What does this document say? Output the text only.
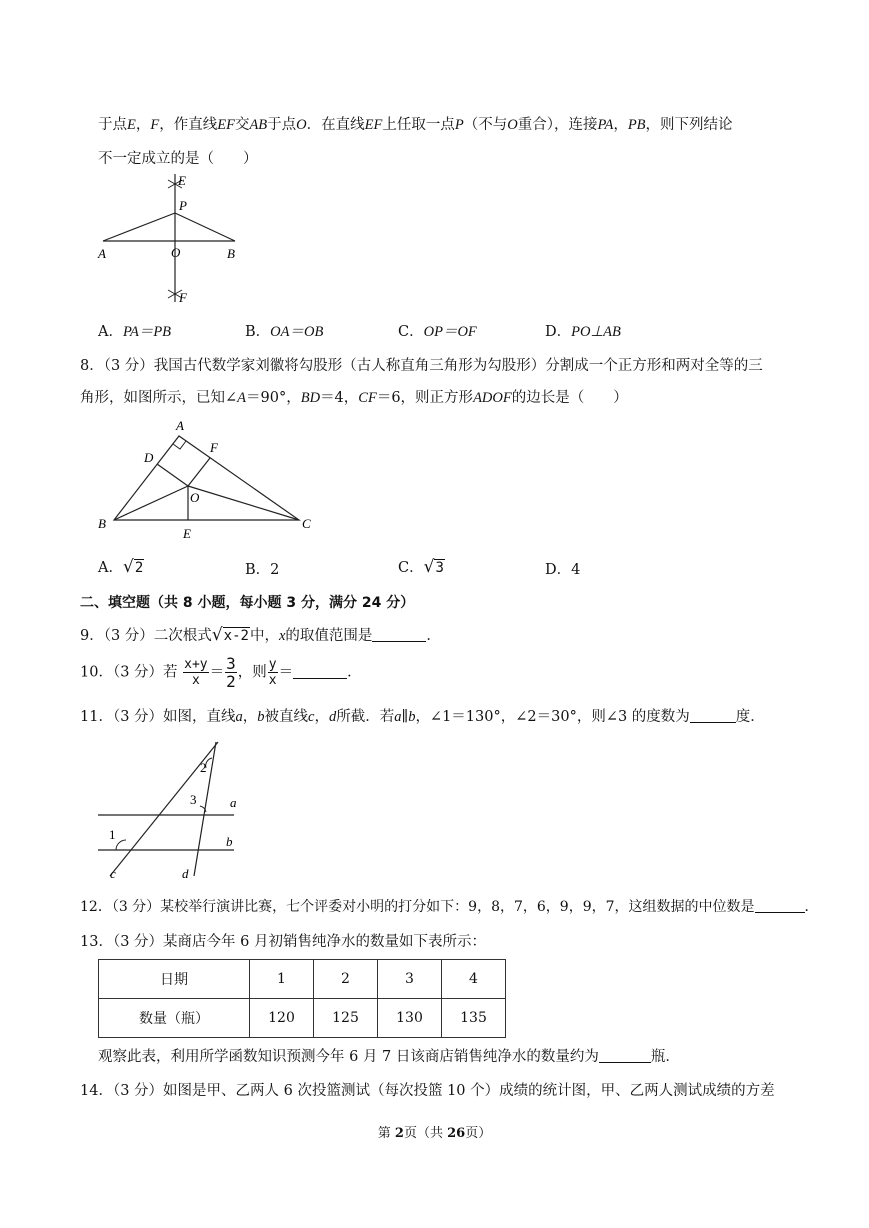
于点E，F，作直线EF交AB于点O．在直线EF上任取一点P（不与O重合），连接PA，PB，则下列结论
不一定成立的是（　　）
E
P
A	O	B
F
A．PA＝PB	B．OA＝OB	C．OP＝OF	D．PO⊥AB
8．（3 分）我国古代数学家刘徽将勾股形（古人称直角三角形为勾股形）分割成一个正方形和两对全等的三
角形，如图所示，已知∠A＝90°，BD＝4，CF＝6，则正方形ADOF的边长是（　　）
A
D
F
O
B
E
C
A．√2	B．2	C．√3	D．4
二、填空题（共 8 小题，每小题 3 分，满分 24 分）
9．（3 分）二次根式√x-2中，x的取值范围是	．
10．（3 分）若 $\frac{x+y}{x} = \frac{3}{2}$ ，则 $\frac{y}{x}$ ＝	．
11．（3 分）如图，直线a，b被直线c，d所截．若a∥b，∠1＝130°，∠2＝30°，则∠3 的度数为	度．
1
2
3	a
b
c	d
12．（3 分）某校举行演讲比赛，七个评委对小明的打分如下：9，8，7，6，9，9，7，这组数据的中位数是	．
13．（3 分）某商店今年 6 月初销售纯净水的数量如下表所示：
日期	1	2	3	4
数量（瓶）	120	125	130	135
观察此表，利用所学函数知识预测今年 6 月 7 日该商店销售纯净水的数量约为	瓶．
14．（3 分）如图是甲、乙两人 6 次投篮测试（每次投篮 10 个）成绩的统计图，甲、乙两人测试成绩的方差
第 2页（共 26页）
